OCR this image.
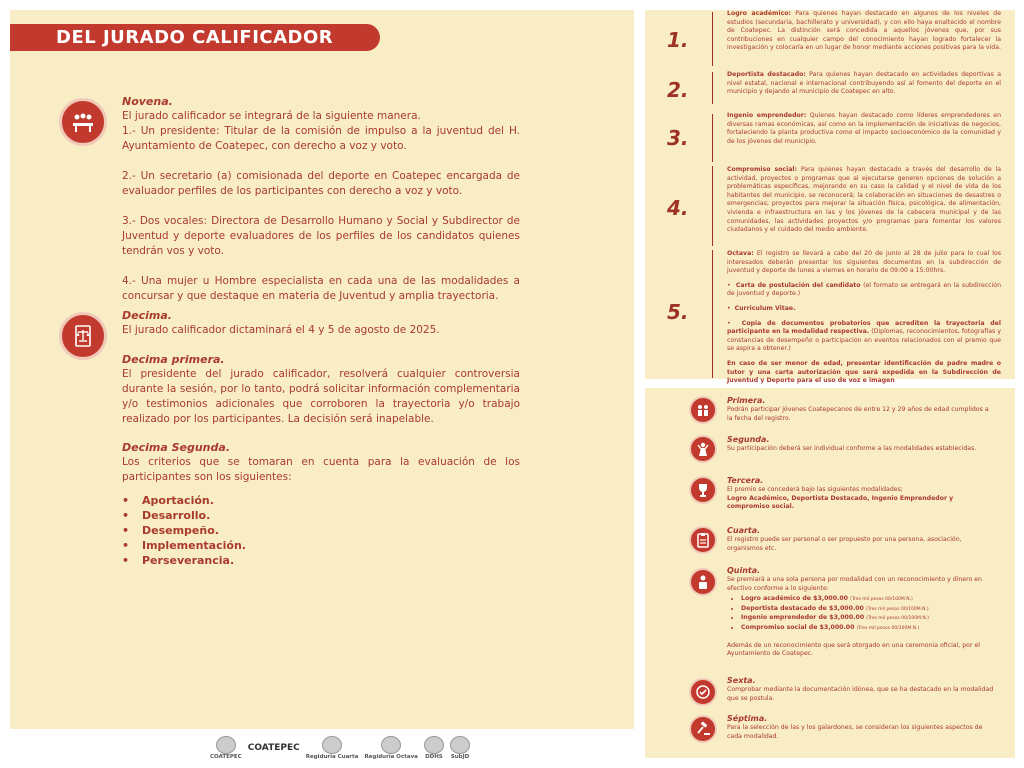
DEL JURADO CALIFICADOR
Novena.
El jurado calificador se integrará de la siguiente manera.

1.- Un presidente: Titular de la comisión de impulso a la juventud del H. Ayuntamiento de Coatepec, con derecho a voz y voto.

2.- Un secretario (a) comisionada del deporte en Coatepec encargada de evaluador perfiles de los participantes con derecho a voz y voto.

3.- Dos vocales: Directora de Desarrollo Humano y Social y Subdirector de Juventud y deporte evaluadores de los perfiles de los candidatos quienes tendrán vos y voto.

4.- Una mujer u Hombre especialista en cada una de las modalidades a concursar y que destaque en materia de Juventud y amplia trayectoria.

Decima.
El jurado calificador dictaminará el 4 y 5 de agosto de 2025.
Decima primera.
El presidente del jurado calificador, resolverá cualquier controversia durante la sesión, por lo tanto, podrá solicitar información complementaria y/o testimonios adicionales que corroboren la trayectoria y/o trabajo realizado por los participantes. La decisión será inapelable.
Decima Segunda.
Los criterios que se tomaran en cuenta para la evaluación de los participantes son los siguientes:
• Aportación.
• Desarrollo.
• Desempeño.
• Implementación.
• Perseverancia.
1.
Logro académico: Para quienes hayan destacado en algunos de los niveles de estudios (secundaria, bachillerato y universidad), y con ello haya enaltecido el nombre de Coatepec. La distinción será concedida a aquellos jóvenes que, por sus contribuciones en cualquier campo del conocimiento hayan logrado fortalecer la investigación y colocarla en un lugar de honor mediante acciones positivas para la vida.
2.
Deportista destacado: Para quienes hayan destacado en actividades deportivas a nivel estatal, nacional e internacional contribuyendo así al fomento del deporte en el municipio y dejando al municipio de Coatepec en alto.
3.
Ingenio emprendedor: Quienes hayan destacado como líderes emprendedores en diversas ramas económicas, así como en la implementación de iniciativas de negocios, fortaleciendo la planta productiva como el impacto socioeconómico de la comunidad y de los jóvenes del municipio.
4.
Compromiso social: Para quienes hayan destacado a través del desarrollo de la actividad, proyectos o programas que al ejecutarse generen opciones de solución a problemáticas específicas, mejorando en su caso la calidad y el nivel de vida de los habitantes del municipio, se reconocerá; la colaboración en situaciones de desastres o emergencias; proyectos para mejorar la situación física, psicológica, de alimentación, vivienda e infraestructura en las y los jóvenes de la cabecera municipal y de las comunidades, las actividades proyectos y/o programas para fomentar los valores ciudadanos y el cuidado del medio ambiente.
5.

Octava: El registro se llevará a cabo del 20 de junio al 28 de julio para lo cual los interesados deberán presentar los siguientes documentos en la subdirección de juventud y deporte de lunes a viernes en horario de 09:00 a 15:00hrs.

•  Carta de postulación del candidato (el formato se entregará en la subdirección de juventud y deporte.)

•  Curriculum Vitae.

•  Copia de documentos probatorios que acrediten la trayectoria del participante en la modalidad respectiva. (Diplomas, reconocimientos, fotografías y constancias de desempeño o participación en eventos relacionados con el premio que se aspira a obtener.)

En caso de ser menor de edad, presentar identificación de padre madre o tutor y una carta autorización que será expedida en la Subdirección de Juventud y Deporte para el uso de voz e imagen

Primera.
Podrán participar jóvenes Coatepecanos de entre 12 y 29 años de edad cumplidos a la fecha del registro.
Segunda.
Su participación deberá ser individual conforme a las modalidades establecidas.
Tercera.
El premio se concederá bajo las siguientes modalidades;
Logro Académico, Deportista Destacado, Ingenio Emprendedor y compromiso social.
Cuarta.
El registro puede ser personal o ser propuesto por una persona, asociación, organismos etc.
Quinta.
Se premiará a una sola persona por modalidad con un reconocimiento y dinero en efectivo conforme a lo siguiente:
• Logro académico de $3,000.00 (Tres mil pesos 00/100M.N.)
• Deportista destacado de $3,000.00 (Tres mil pesos 00/100M.N.)
• Ingenio emprendedor de $3,000.00 (Tres mil pesos 00/100M.N.)
• Compromiso social de $3,000.00 (Tres mil pesos 00/100M.N.)
Además de un reconocimiento que será otorgado en una ceremonia oficial, por el Ayuntamiento de Coatepec.
Sexta.
Comprobar mediante la documentación idónea, que se ha destacado en la modalidad que se postula.
Séptima.
Para la selección de las y los galardones, se consideran los siguientes aspectos de cada modalidad.
COATEPEC
COATEPEC
Regiduría Cuarta Regiduría Octava DDHS SubJD
